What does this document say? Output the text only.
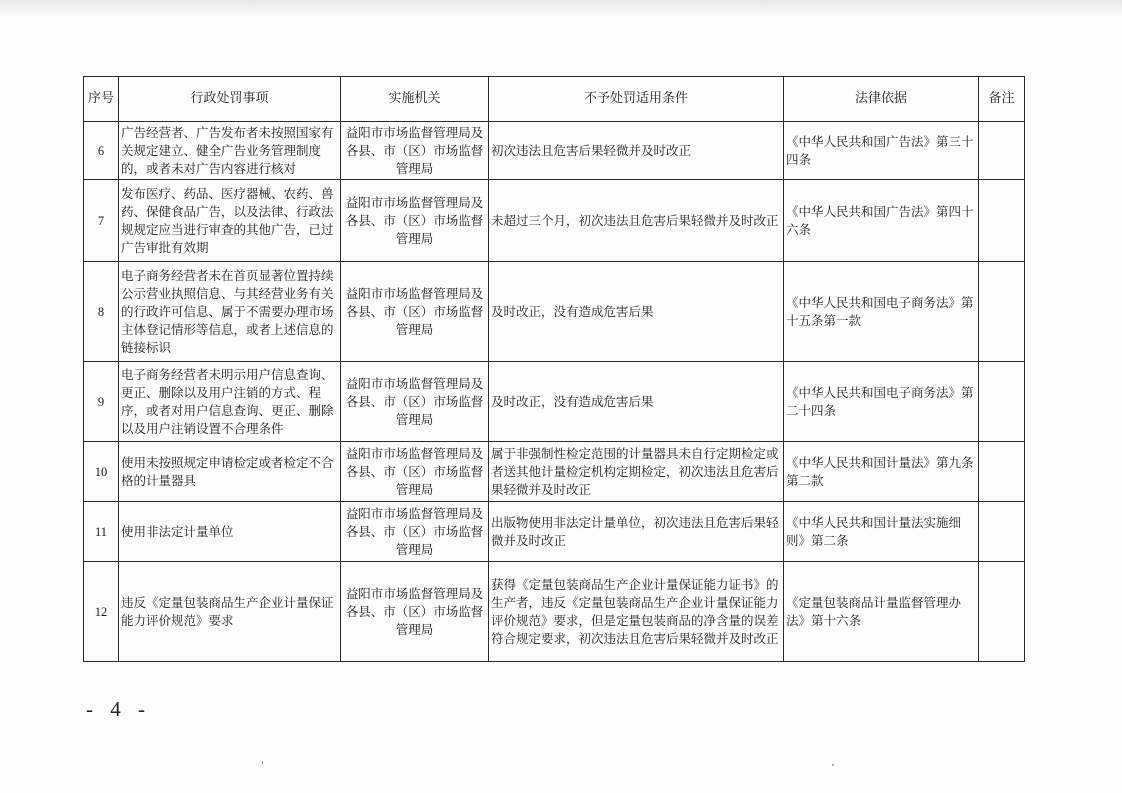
序号	行政处罚事项	实施机关	不予处罚适用条件	法律依据	备注
6	广告经营者、广告发布者未按照国家有关规定建立、健全广告业务管理制度的，或者未对广告内容进行核对	益阳市市场监督管理局及各县、市（区）市场监督管理局	初次违法且危害后果轻微并及时改正	《中华人民共和国广告法》第三十四条	
7	发布医疗、药品、医疗器械、农药、兽药、保健食品广告，以及法律、行政法规规定应当进行审查的其他广告，已过广告审批有效期	益阳市市场监督管理局及各县、市（区）市场监督管理局	未超过三个月，初次违法且危害后果轻微并及时改正	《中华人民共和国广告法》第四十六条	
8	电子商务经营者未在首页显著位置持续公示营业执照信息、与其经营业务有关的行政许可信息、属于不需要办理市场主体登记情形等信息，或者上述信息的链接标识	益阳市市场监督管理局及各县、市（区）市场监督管理局	及时改正，没有造成危害后果	《中华人民共和国电子商务法》第十五条第一款	
9	电子商务经营者未明示用户信息查询、更正、删除以及用户注销的方式、程序，或者对用户信息查询、更正、删除以及用户注销设置不合理条件	益阳市市场监督管理局及各县、市（区）市场监督管理局	及时改正，没有造成危害后果	《中华人民共和国电子商务法》第二十四条	
10	使用未按照规定申请检定或者检定不合格的计量器具	益阳市市场监督管理局及各县、市（区）市场监督管理局	属于非强制性检定范围的计量器具未自行定期检定或者送其他计量检定机构定期检定，初次违法且危害后果轻微并及时改正	《中华人民共和国计量法》第九条第二款	
11	使用非法定计量单位	益阳市市场监督管理局及各县、市（区）市场监督管理局	出版物使用非法定计量单位，初次违法且危害后果轻微并及时改正	《中华人民共和国计量法实施细则》第二条	
12	违反《定量包装商品生产企业计量保证能力评价规范》要求	益阳市市场监督管理局及各县、市（区）市场监督管理局	获得《定量包装商品生产企业计量保证能力证书》的生产者，违反《定量包装商品生产企业计量保证能力评价规范》要求，但是定量包装商品的净含量的误差符合规定要求，初次违法且危害后果轻微并及时改正	《定量包装商品计量监督管理办法》第十六条	
- 4 -
